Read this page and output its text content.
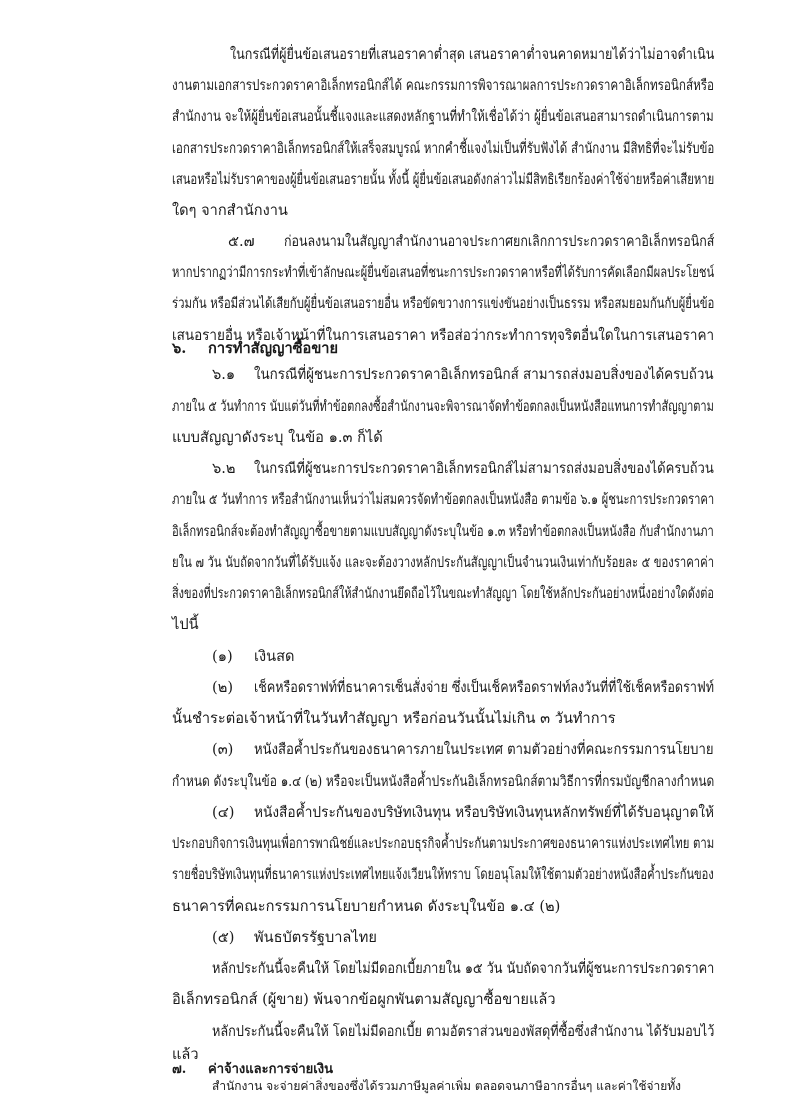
ในกรณีที่ผู้ยื่นข้อเสนอรายที่เสนอราคาต่ำสุด เสนอราคาต่ำจนคาดหมายได้ว่าไม่อาจดำเนิน
งานตามเอกสารประกวดราคาอิเล็กทรอนิกส์ได้ คณะกรรมการพิจารณาผลการประกวดราคาอิเล็กทรอนิกส์หรือ
สำนักงาน จะให้ผู้ยื่นข้อเสนอนั้นชี้แจงและแสดงหลักฐานที่ทำให้เชื่อได้ว่า ผู้ยื่นข้อเสนอสามารถดำเนินการตาม
เอกสารประกวดราคาอิเล็กทรอนิกส์ให้เสร็จสมบูรณ์ หากคำชี้แจงไม่เป็นที่รับฟังได้ สำนักงาน มีสิทธิที่จะไม่รับข้อ
เสนอหรือไม่รับราคาของผู้ยื่นข้อเสนอรายนั้น ทั้งนี้ ผู้ยื่นข้อเสนอดังกล่าวไม่มีสิทธิเรียกร้องค่าใช้จ่ายหรือค่าเสียหาย
ใดๆ จากสำนักงาน
๕.๗ ก่อนลงนามในสัญญาสำนักงานอาจประกาศยกเลิกการประกวดราคาอิเล็กทรอนิกส์
หากปรากฏว่ามีการกระทำที่เข้าลักษณะผู้ยื่นข้อเสนอที่ชนะการประกวดราคาหรือที่ได้รับการคัดเลือกมีผลประโยชน์
ร่วมกัน หรือมีส่วนได้เสียกับผู้ยื่นข้อเสนอรายอื่น หรือขัดขวางการแข่งขันอย่างเป็นธรรม หรือสมยอมกันกับผู้ยื่นข้อ
เสนอรายอื่น หรือเจ้าหน้าที่ในการเสนอราคา หรือส่อว่ากระทำการทุจริตอื่นใดในการเสนอราคา
๖. การทำสัญญาซื้อขาย
๖.๑ ในกรณีที่ผู้ชนะการประกวดราคาอิเล็กทรอนิกส์ สามารถส่งมอบสิ่งของได้ครบถ้วน
ภายใน ๕ วันทำการ นับแต่วันที่ทำข้อตกลงซื้อสำนักงานจะพิจารณาจัดทำข้อตกลงเป็นหนังสือแทนการทำสัญญาตาม
แบบสัญญาดังระบุ ในข้อ ๑.๓ ก็ได้
๖.๒ ในกรณีที่ผู้ชนะการประกวดราคาอิเล็กทรอนิกส์ไม่สามารถส่งมอบสิ่งของได้ครบถ้วน
ภายใน ๕ วันทำการ หรือสำนักงานเห็นว่าไม่สมควรจัดทำข้อตกลงเป็นหนังสือ ตามข้อ ๖.๑ ผู้ชนะการประกวดราคา
อิเล็กทรอนิกส์จะต้องทำสัญญาซื้อขายตามแบบสัญญาดังระบุในข้อ ๑.๓ หรือทำข้อตกลงเป็นหนังสือ กับสำนักงานภา
ยใน ๗ วัน นับถัดจากวันที่ได้รับแจ้ง และจะต้องวางหลักประกันสัญญาเป็นจำนวนเงินเท่ากับร้อยละ ๕ ของราคาค่า
สิ่งของที่ประกวดราคาอิเล็กทรอนิกส์ให้สำนักงานยึดถือไว้ในขณะทำสัญญา โดยใช้หลักประกันอย่างหนึ่งอย่างใดดังต่อ
ไปนี้
(๑) เงินสด
(๒) เช็คหรือดราฟท์ที่ธนาคารเซ็นสั่งจ่าย ซึ่งเป็นเช็คหรือดราฟท์ลงวันที่ที่ใช้เช็คหรือดราฟท์
นั้นชำระต่อเจ้าหน้าที่ในวันทำสัญญา หรือก่อนวันนั้นไม่เกิน ๓ วันทำการ
(๓) หนังสือค้ำประกันของธนาคารภายในประเทศ ตามตัวอย่างที่คณะกรรมการนโยบาย
กำหนด ดังระบุในข้อ ๑.๔ (๒) หรือจะเป็นหนังสือค้ำประกันอิเล็กทรอนิกส์ตามวิธีการที่กรมบัญชีกลางกำหนด
(๔) หนังสือค้ำประกันของบริษัทเงินทุน หรือบริษัทเงินทุนหลักทรัพย์ที่ได้รับอนุญาตให้
ประกอบกิจการเงินทุนเพื่อการพาณิชย์และประกอบธุรกิจค้ำประกันตามประกาศของธนาคารแห่งประเทศไทย ตาม
รายชื่อบริษัทเงินทุนที่ธนาคารแห่งประเทศไทยแจ้งเวียนให้ทราบ โดยอนุโลมให้ใช้ตามตัวอย่างหนังสือค้ำประกันของ
ธนาคารที่คณะกรรมการนโยบายกำหนด ดังระบุในข้อ ๑.๔ (๒)
(๕) พันธบัตรรัฐบาลไทย
หลักประกันนี้จะคืนให้ โดยไม่มีดอกเบี้ยภายใน ๑๕ วัน นับถัดจากวันที่ผู้ชนะการประกวดราคา
อิเล็กทรอนิกส์ (ผู้ขาย) พ้นจากข้อผูกพันตามสัญญาซื้อขายแล้ว
หลักประกันนี้จะคืนให้ โดยไม่มีดอกเบี้ย ตามอัตราส่วนของพัสดุที่ซื้อซึ่งสำนักงาน ได้รับมอบไว้
แล้ว
๗. ค่าจ้างและการจ่ายเงิน
สำนักงาน จะจ่ายค่าสิ่งของซึ่งได้รวมภาษีมูลค่าเพิ่ม ตลอดจนภาษีอากรอื่นๆ และค่าใช้จ่ายทั้ง
